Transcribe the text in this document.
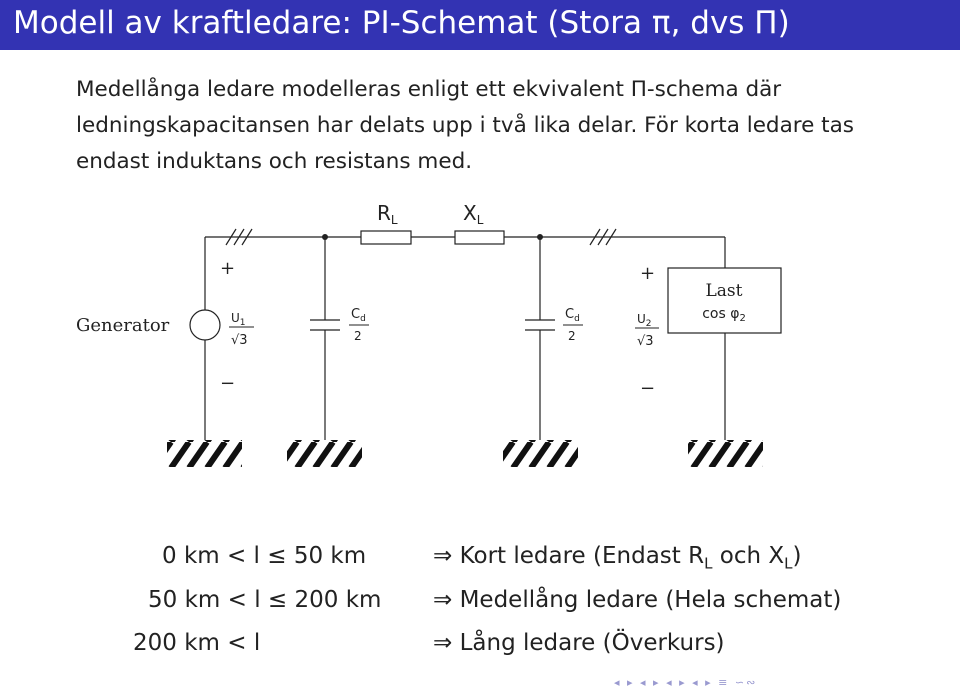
Modell av kraftledare: PI-Schemat (Stora π, dvs Π)
Medellånga ledare modelleras enligt ett ekvivalent Π-schema där ledningskapacitansen har delats upp i två lika delar. För korta ledare tas endast induktans och resistans med.
$R_L$	$X_L$
Generator
+
−
+
−
$U_1$
√3
$U_2$
√3
$C_d$
2
$C_d$
2
Last
$\cos \varphi_2$
0 km < l ≤ 50 km	⇒ Kort ledare (Endast $R_L$ och $X_L$)
50 km < l ≤ 200 km ⇒ Medellång ledare (Hela schemat)
200 km < l	⇒ Lång ledare (Överkurs)
◂ ▸ ◂ ▸ ◂ ▸ ◂ ▸ ≡ ∽∾
